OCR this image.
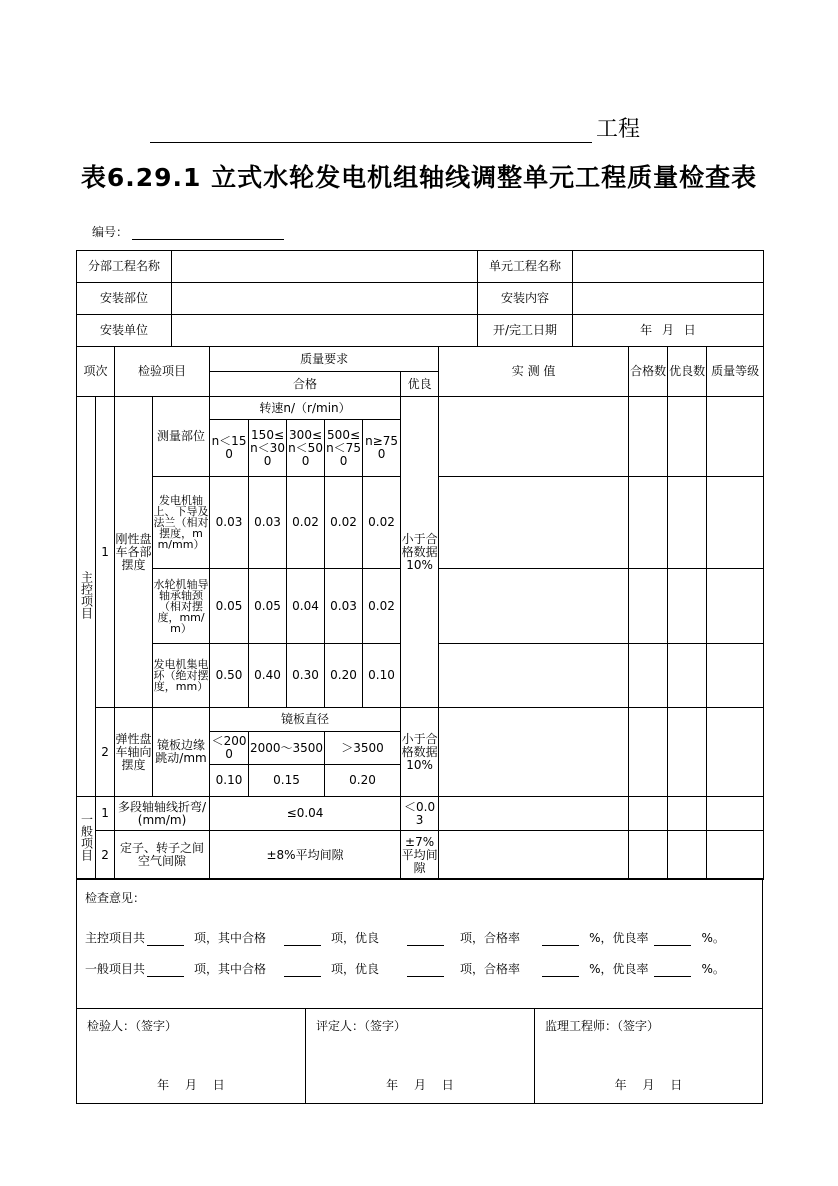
工程
表6.29.1 立式水轮发电机组轴线调整单元工程质量检查表
编号：
分部工程名称		单元工程名称	
安装部位		安装内容	
安装单位		开/完工日期	年 月 日
项次		检验项目		质量要求						实 测 值	合格数	优良数	质量等级
				合格					优良				
主控项目	1	刚性盘车各部摆度	测量部位	转速n/（r/min）					小于合格数据10%				
				n＜150	150≤n＜300	300≤n＜500	500≤n＜750	n≥750					
			发电机轴上、下导及法兰（相对摆度，mm/mm）	0.03	0.03	0.02	0.02	0.02					
			水轮机轴导轴承轴颈（相对摆度，mm/m）	0.05	0.05	0.04	0.03	0.02					
			发电机集电环（绝对摆度，mm）	0.50	0.40	0.30	0.20	0.10					
	2	弹性盘车轴向摆度	镜板边缘跳动/mm	镜板直径					小于合格数据10%				
				＜2000	2000～3500		＞3500						
				0.10	0.15		0.20						
一般项目	1	多段轴轴线折弯/(mm/m)		≤0.04					＜0.03				
	2	定子、转子之间空气间隙		±8%平均间隙					±7%平均间隙				
检查意见：
主控项目共	项，其中合格	项，优良	项，合格率	%，优良率	%。
一般项目共	项，其中合格	项，优良	项，合格率	%，优良率	%。
检验人：（签字）
年 月 日
评定人：（签字）
年 月 日
监理工程师：（签字）
年 月 日
